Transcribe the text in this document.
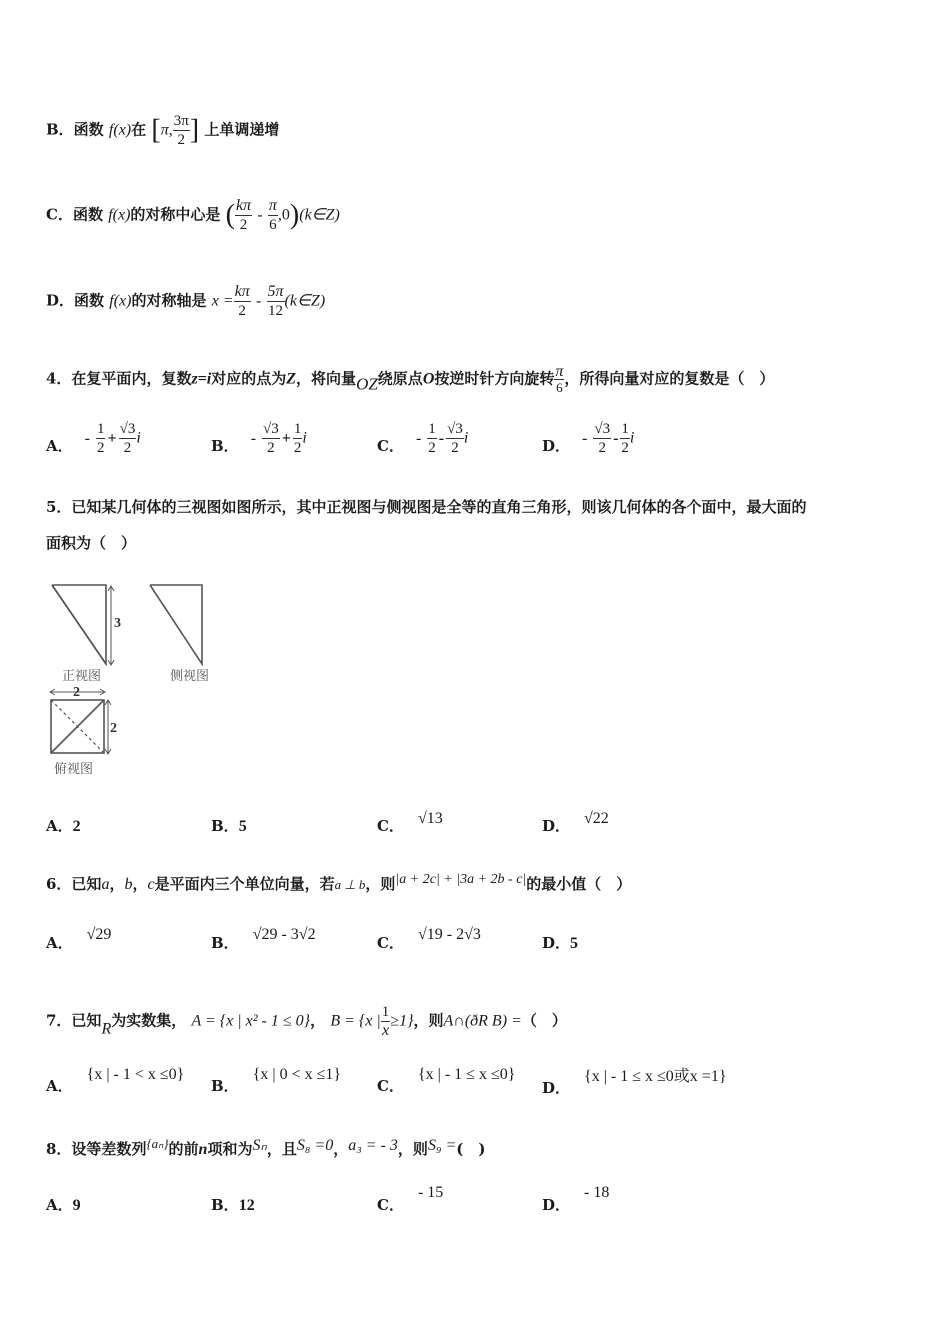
B．函数 f(x)在 [π, $\frac{3\pi}{2}$ ] 上单调递增
C．函数 f(x)的对称中心是 ( $\frac{k\pi}{2} - \frac{\pi}{6}$ ,0)(k∈Z)
D．函数 f(x)的对称轴是 $x = \frac{k\pi}{2} - \frac{5\pi}{12}$ (k∈Z)
4．在复平面内，复数z=i对应的点为Z，将向量OZ绕原点O按逆时针方向旋转 $\frac{\pi}{6}$ ，所得向量对应的复数是（　）
A． - $\frac{1}{2} + \frac{√3}{2}$ i	B． - $\frac{√3}{2} + \frac{1}{2}$ i	C． - $\frac{1}{2} - \frac{√3}{2}$ i	D． - $\frac{√3}{2} - \frac{1}{2}$ i
5．已知某几何体的三视图如图所示，其中正视图与侧视图是全等的直角三角形，则该几何体的各个面中，最大面的
面积为（　）
3
正视图	侧视图
2
2
俯视图
A．2	B．5	C． √13	D． √22
6．已知a，b，c是平面内三个单位向量，若a ⊥ b，则|a + 2c| + |3a + 2b - c|的最小值（　）
A． √29	B． √29 - 3√2	C． √19 - 2√3	D．5
7．已知R为实数集， A = {x | x² - 1 ≤ 0}， B = {x | $\frac{1}{x} \ge 1$}，则A∩(ðR B) =（　）
A．{x | - 1 < x ≤0}
B．{x | 0 < x ≤1}
C．{x | - 1 ≤ x ≤0}
D．{x | - 1 ≤ x ≤0或x =1}
8．设等差数列{aₙ}的前n项和为Sₙ，且S₈ =0，a₃ = - 3，则S₉ =(　)
A．9	B．12	C．- 15
D．- 18
